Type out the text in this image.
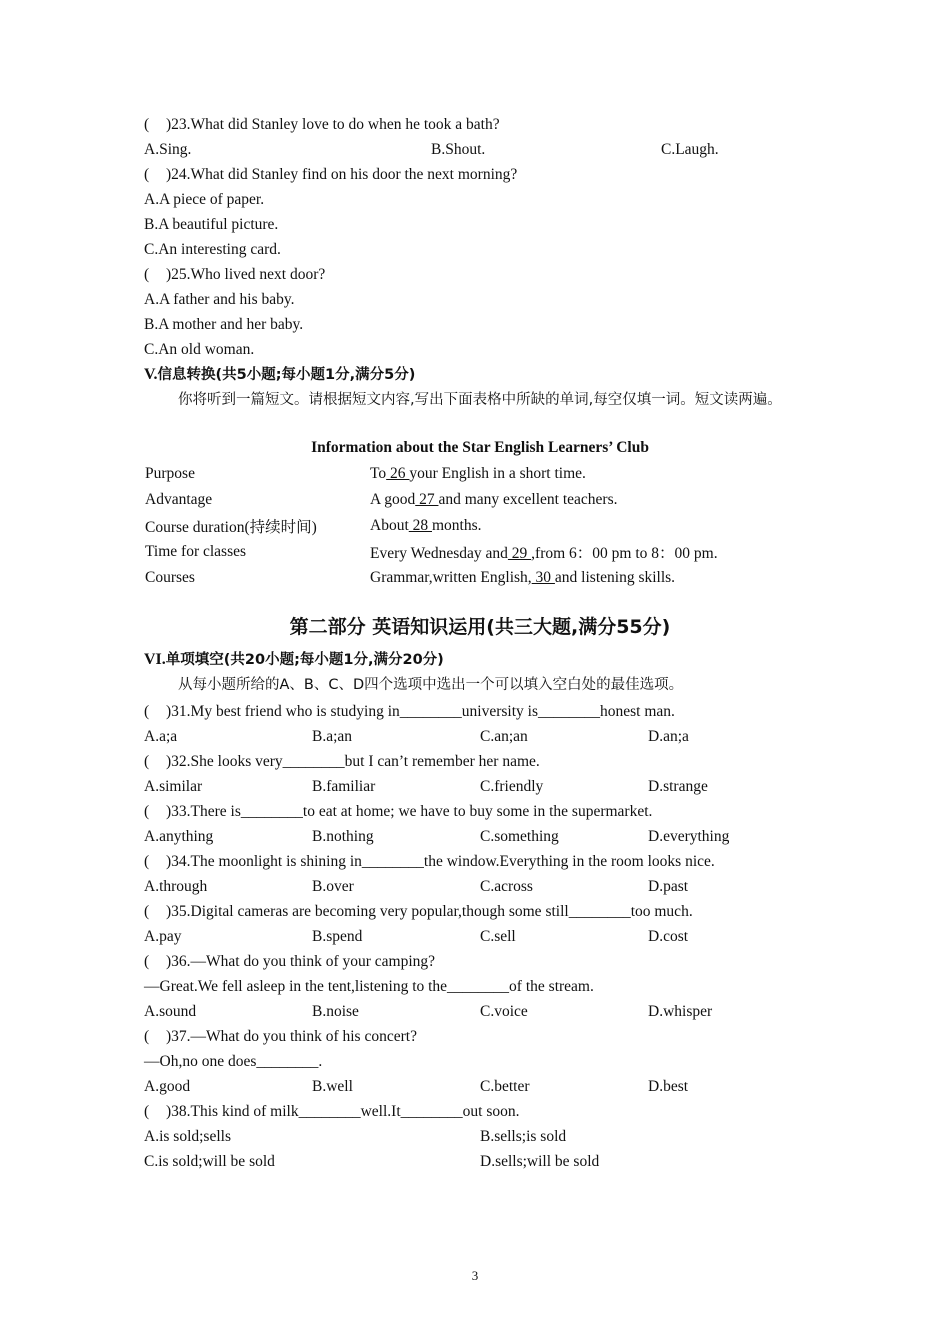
( )23.What did Stanley love to do when he took a bath?
A.Sing.	B.Shout.	C.Laugh.
( )24.What did Stanley find on his door the next morning?
A.A piece of paper.
B.A beautiful picture.
C.An interesting card.
( )25.Who lived next door?
A.A father and his baby.
B.A mother and her baby.
C.An old woman.
V.信息转换(共5小题;每小题1分,满分5分)
你将听到一篇短文。请根据短文内容,写出下面表格中所缺的单词,每空仅填一词。短文读两遍。
Information about the Star English Learners’ Club
Purpose	To 26 your English in a short time.
Advantage	A good 27 and many excellent teachers.
Course duration(持续时间)	About 28 months.
Time for classes	Every Wednesday and 29 ,from 6：00 pm to 8：00 pm.
Courses	Grammar,written English, 30 and listening skills.
第二部分 英语知识运用(共三大题,满分55分)
VI.单项填空(共20小题;每小题1分,满分20分)
从每小题所给的A、B、C、D四个选项中选出一个可以填入空白处的最佳选项。
( )31.My best friend who is studying in________university is________honest man.
A.a;a	B.a;an	C.an;an	D.an;a
( )32.She looks very________but I can’t remember her name.
A.similar	B.familiar	C.friendly	D.strange
( )33.There is________to eat at home; we have to buy some in the supermarket.
A.anything	B.nothing	C.something	D.everything
( )34.The moonlight is shining in________the window.Everything in the room looks nice.
A.through	B.over	C.across	D.past
( )35.Digital cameras are becoming very popular,though some still________too much.
A.pay	B.spend	C.sell	D.cost
( )36.—What do you think of your camping?
—Great.We fell asleep in the tent,listening to the________of the stream.
A.sound	B.noise	C.voice	D.whisper
( )37.—What do you think of his concert?
—Oh,no one does________.
A.good	B.well	C.better	D.best
( )38.This kind of milk________well.It________out soon.
A.is sold;sells	B.sells;is sold
C.is sold;will be sold	D.sells;will be sold
3
